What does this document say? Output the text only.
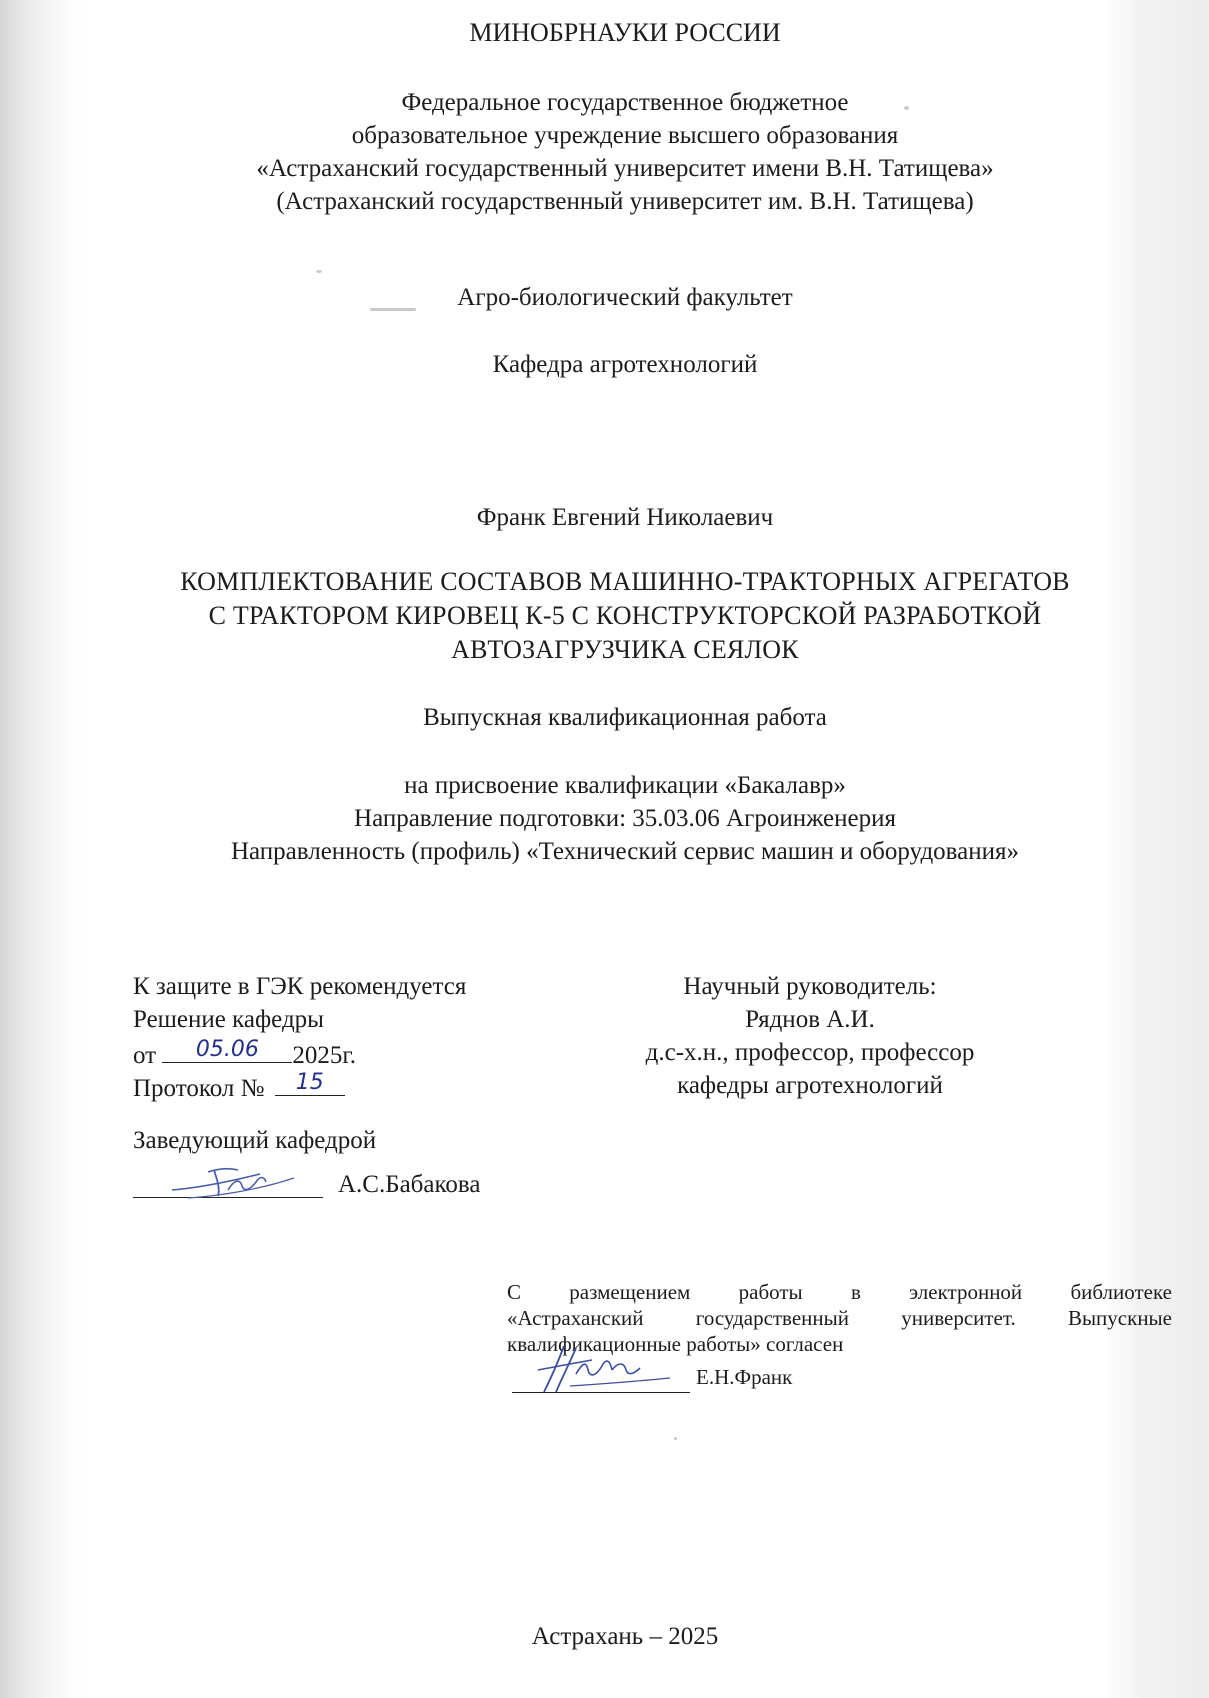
МИНОБРНАУКИ РОССИИ
Федеральное государственное бюджетное
образовательное учреждение высшего образования
«Астраханский государственный университет имени В.Н. Татищева»
(Астраханский государственный университет им. В.Н. Татищева)
Агро-биологический факультет
Кафедра агротехнологий
Франк Евгений Николаевич
КОМПЛЕКТОВАНИЕ СОСТАВОВ МАШИННО-ТРАКТОРНЫХ АГРЕГАТОВ
С ТРАКТОРОМ КИРОВЕЦ К-5 С КОНСТРУКТОРСКОЙ РАЗРАБОТКОЙ
АВТОЗАГРУЗЧИКА СЕЯЛОК
Выпускная квалификационная работа
на присвоение квалификации «Бакалавр»
Направление подготовки: 35.03.06 Агроинженерия
Направленность (профиль) «Технический сервис машин и оборудования»
К защите в ГЭК рекомендуется
Решение кафедры
от	05.06	2025г.
Протокол №	15
Заведующий кафедрой
А.С.Бабакова
Научный руководитель:
Ряднов А.И.
д.с-х.н., профессор, профессор
кафедры агротехнологий
С размещением работы в электронной библиотеке
«Астраханский государственный университет. Выпускные
квалификационные работы» согласен
Е.Н.Франк
Астрахань – 2025
